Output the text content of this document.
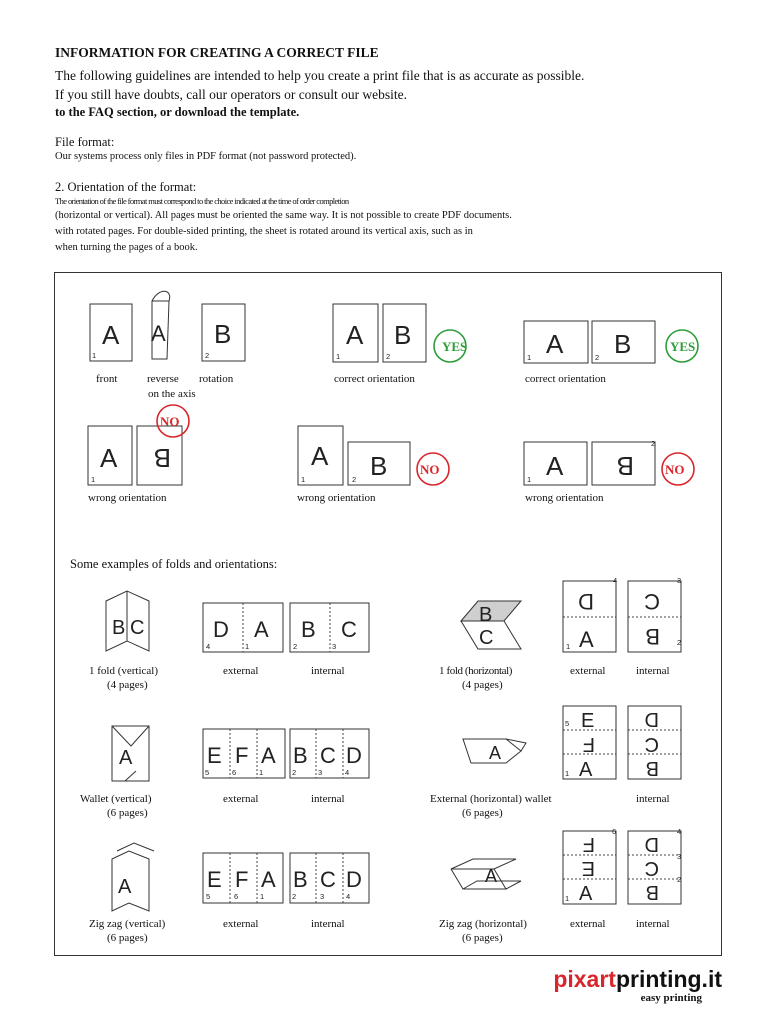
INFORMATION FOR CREATING A CORRECT FILE
The following guidelines are intended to help you create a print file that is as accurate as possible.
If you still have doubts, call our operators or consult our website.
to the FAQ section, or download the template.
File format:
Our systems process only files in PDF format (not password protected).
2. Orientation of the format:
The orientation of the file format must correspond to the choice indicated at the time of order completion
(horizontal or vertical). All pages must be oriented the same way. It is not possible to create PDF documents.
with rotated pages. For double-sided printing, the sheet is rotated around its vertical axis, such as in
when turning the pages of a book.
YES	YES
NO
NO	NO
A A B
1	2
A B
1	2	A B
1	2
front	reverse
on the axis
rotation	correct orientation	correct orientation
A B
1
A B
1	2	A B
1
2
wrong orientation	wrong orientation	wrong orientation
Some examples of folds and orientations:
B C	D A B C
4	1	2	3
B
C
D
A
C
B
4
1
3
2
1 fold (vertical)
(4 pages)
external	internal	1 fold (horizontal)
(4 pages)
external	internal
A	E F A B C D
5	6	1	2	3	4
A
E
F
A
D
C
B
5
1
Wallet (vertical)
(6 pages)
external	internal	External (horizontal) wallet
(6 pages)
internal
A	E F A B C D
5	6	1	2	3	4
A
F
E
A
D
C
B
6
1
4
3
2
Zig zag (vertical)
(6 pages)
external	internal	Zig zag (horizontal)
(6 pages)
external	internal
pixartprinting.it
easy printing
